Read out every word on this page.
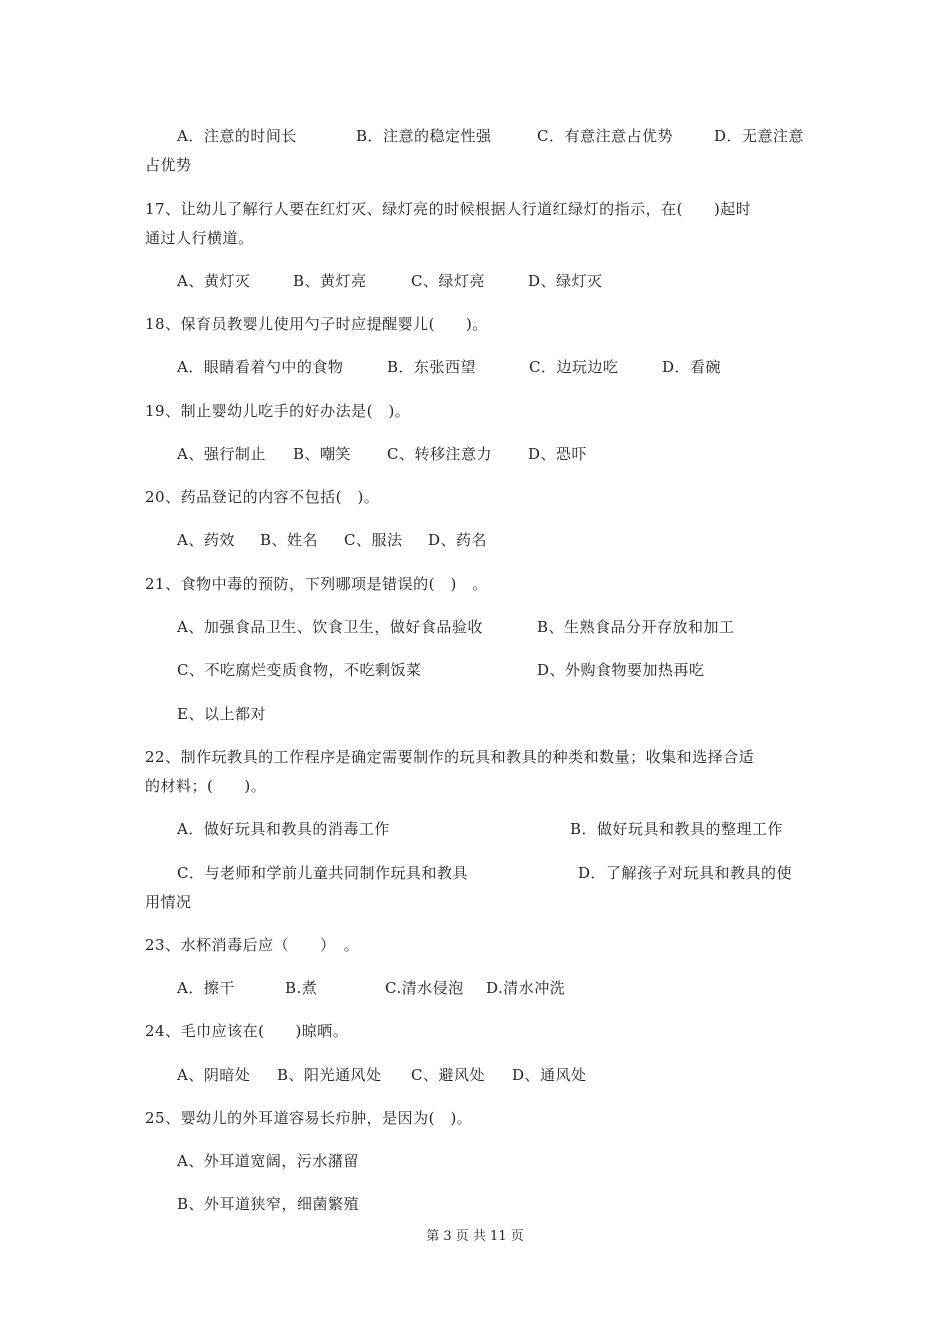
A．注意的时间长	B．注意的稳定性强	C．有意注意占优势	D．无意注意
占优势
17、让幼儿了解行人要在红灯灭、绿灯亮的时候根据人行道红绿灯的指示，在(　　)起时
通过人行横道。
A、黄灯灭	B、黄灯亮	C、绿灯亮	D、绿灯灭
18、保育员教婴儿使用勺子时应提醒婴儿(　　)。
A．眼睛看着勺中的食物	B．东张西望	C．边玩边吃	D．看碗
19、制止婴幼儿吃手的好办法是(　)。
A、强行制止 B、嘲笑 C、转移注意力 D、恐吓
20、药品登记的内容不包括(　)。
A、药效 B、姓名 C、服法 D、药名
21、食物中毒的预防，下列哪项是错误的(　)　。
A、加强食品卫生、饮食卫生，做好食品验收	B、生熟食品分开存放和加工
C、不吃腐烂变质食物，不吃剩饭菜	D、外购食物要加热再吃
E、以上都对
22、制作玩教具的工作程序是确定需要制作的玩具和教具的种类和数量；收集和选择合适
的材料；(　　)。
A．做好玩具和教具的消毒工作	B．做好玩具和教具的整理工作
C．与老师和学前儿童共同制作玩具和教具	D．了解孩子对玩具和教具的使
用情况
23、水杯消毒后应（　　）　。
A．擦干	B.煮	C.清水侵泡 D.清水冲洗
24、毛巾应该在(　　)晾晒。
A、阴暗处 B、阳光通风处 C、避风处 D、通风处
25、婴幼儿的外耳道容易长疖肿，是因为(　)。
A、外耳道宽阔，污水潴留
B、外耳道狭窄，细菌繁殖
第 3 页 共 11 页
